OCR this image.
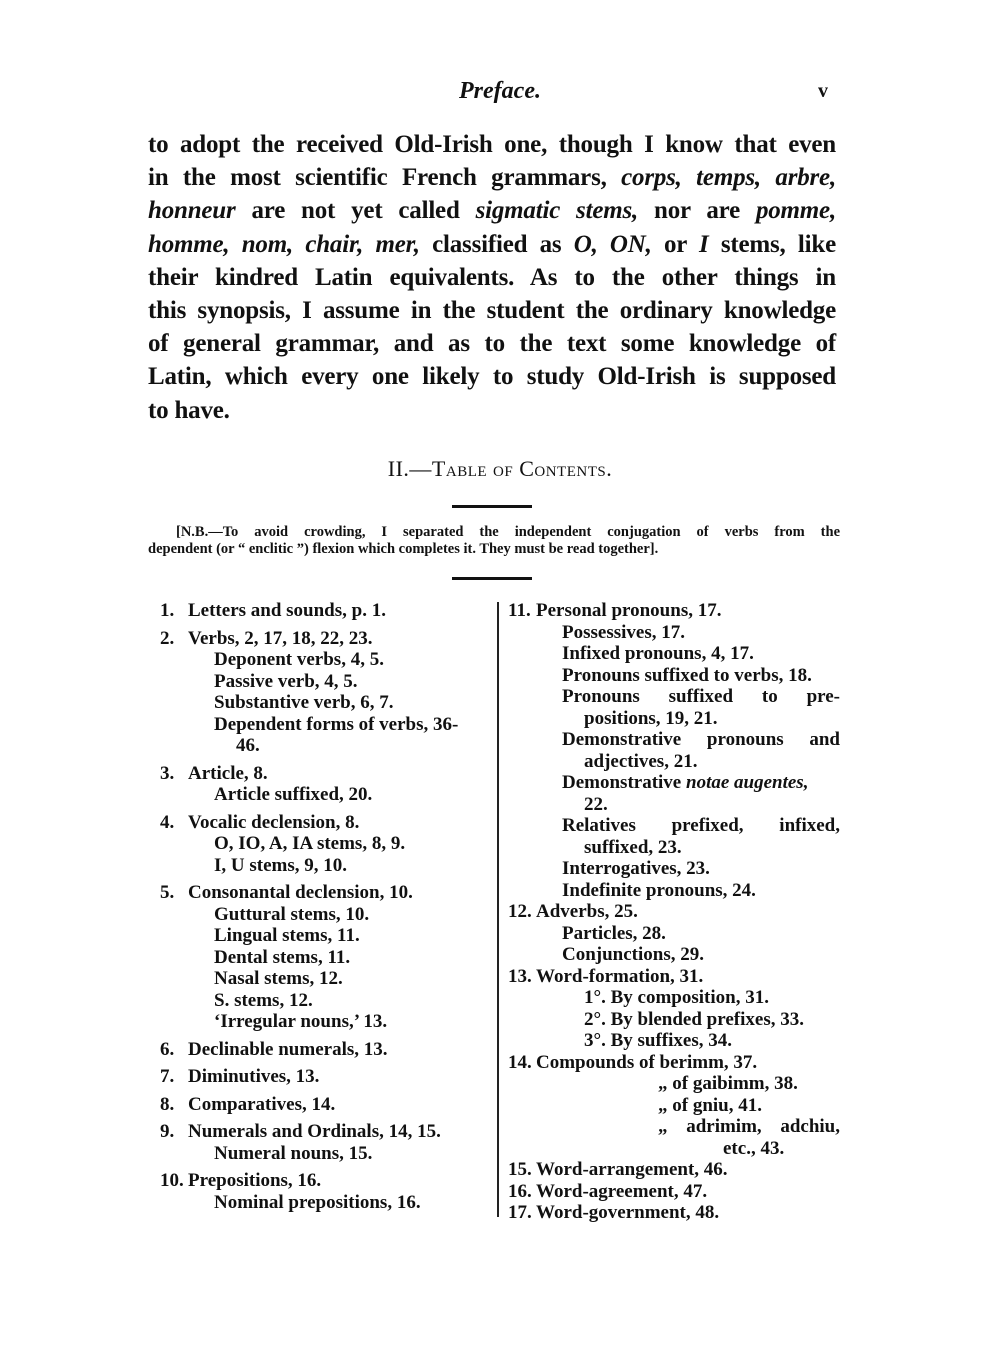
Preface.	v
to adopt the received Old-Irish one, though I know that even
in the most scientific French grammars, corps, temps, arbre,
honneur are not yet called sigmatic stems, nor are pomme,
homme, nom, chair, mer, classified as O, ON, or I stems, like
their kindred Latin equivalents. As to the other things in
this synopsis, I assume in the student the ordinary knowledge
of general grammar, and as to the text some knowledge of
Latin, which every one likely to study Old-Irish is supposed
to have.
II.—Table of Contents.
[N.B.—To avoid crowding, I separated the independent conjugation of verbs from the
dependent (or “ enclitic ”) flexion which completes it. They must be read together].
1. Letters and sounds, p. 1.
2. Verbs, 2, 17, 18, 22, 23.
Deponent verbs, 4, 5.
Passive verb, 4, 5.
Substantive verb, 6, 7.
Dependent forms of verbs, 36-
46.
3. Article, 8.
Article suffixed, 20.
4. Vocalic declension, 8.
O, IO, A, IA stems, 8, 9.
I, U stems, 9, 10.
5. Consonantal declension, 10.
Guttural stems, 10.
Lingual stems, 11.
Dental stems, 11.
Nasal stems, 12.
S. stems, 12.
‘Irregular nouns,’ 13.
6. Declinable numerals, 13.
7. Diminutives, 13.
8. Comparatives, 14.
9. Numerals and Ordinals, 14, 15.
Numeral nouns, 15.
10. Prepositions, 16.
Nominal prepositions, 16.
11. Personal pronouns, 17.
Possessives, 17.
Infixed pronouns, 4, 17.
Pronouns suffixed to verbs, 18.
Pronouns suffixed to pre-
positions, 19, 21.
Demonstrative pronouns and
adjectives, 21.
Demonstrative notae augentes,
22.
Relatives prefixed, infixed,
suffixed, 23.
Interrogatives, 23.
Indefinite pronouns, 24.
12. Adverbs, 25.
Particles, 28.
Conjunctions, 29.
13. Word-formation, 31.
1°. By composition, 31.
2°. By blended prefixes, 33.
3°. By suffixes, 34.
14. Compounds of berimm, 37.
„ of gaibimm, 38.
„ of gniu, 41.
„ adrimim, adchiu,
etc., 43.
15. Word-arrangement, 46.
16. Word-agreement, 47.
17. Word-government, 48.
